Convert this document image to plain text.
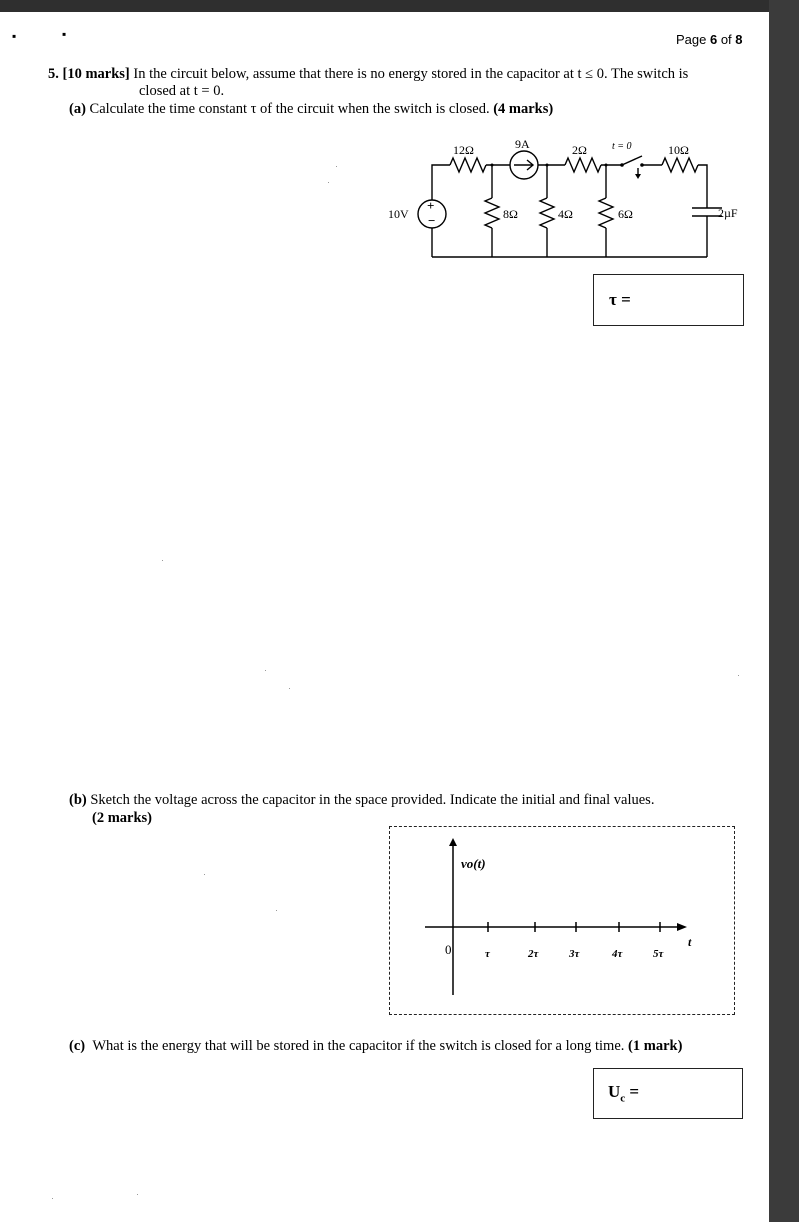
▪	▪	Page 6 of 8
5. [10 marks] In the circuit below, assume that there is no energy stored in the capacitor at t ≤ 0. The switch is
closed at t = 0.
(a) Calculate the time constant τ of the circuit when the switch is closed. (4 marks)
12Ω	9A	2Ω	t = 0	10Ω
10V
+
−	8Ω	4Ω	6Ω	2µF
τ =
(b) Sketch the voltage across the capacitor in the space provided. Indicate the initial and final values.
(2 marks)
vᴏ(t)
0	t
τ	2τ	3τ	4τ	5τ
(c) What is the energy that will be stored in the capacitor if the switch is closed for a long time. (1 mark)
$U_c$ =
